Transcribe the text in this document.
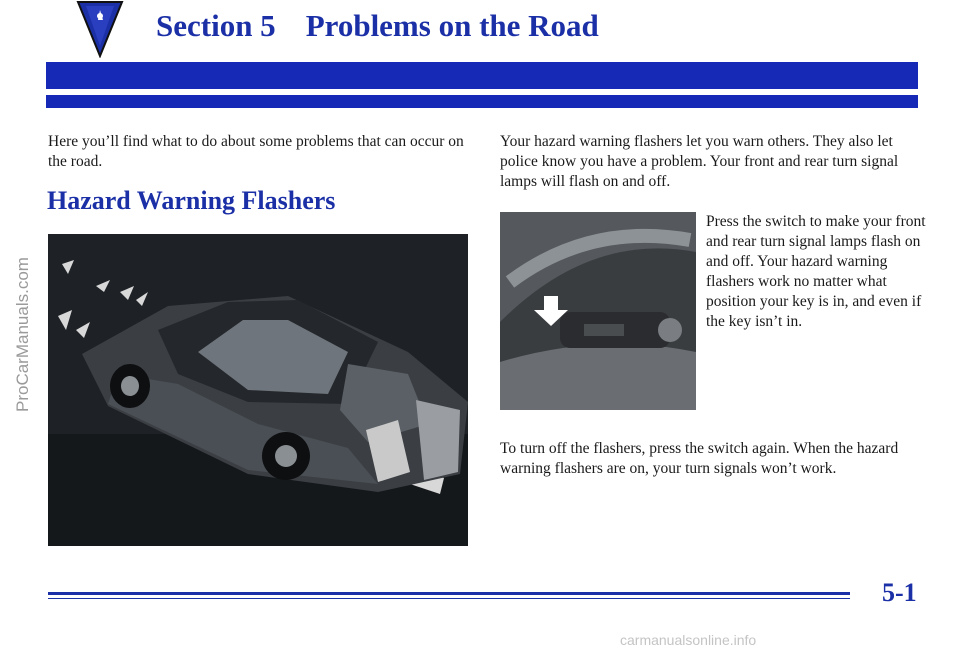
Section 5 Problems on the Road
ProCarManuals.com
Here you’ll find what to do about some problems that can occur on the road.
Hazard Warning Flashers
Your hazard warning flashers let you warn others. They also let police know you have a problem. Your front and rear turn signal lamps will flash on and off.
Press the switch to make your front and rear turn signal lamps flash on and off. Your hazard warning flashers work no matter what position your key is in, and even if the key isn’t in.
To turn off the flashers, press the switch again. When the hazard warning flashers are on, your turn signals won’t work.
5-1
carmanualsonline.info
